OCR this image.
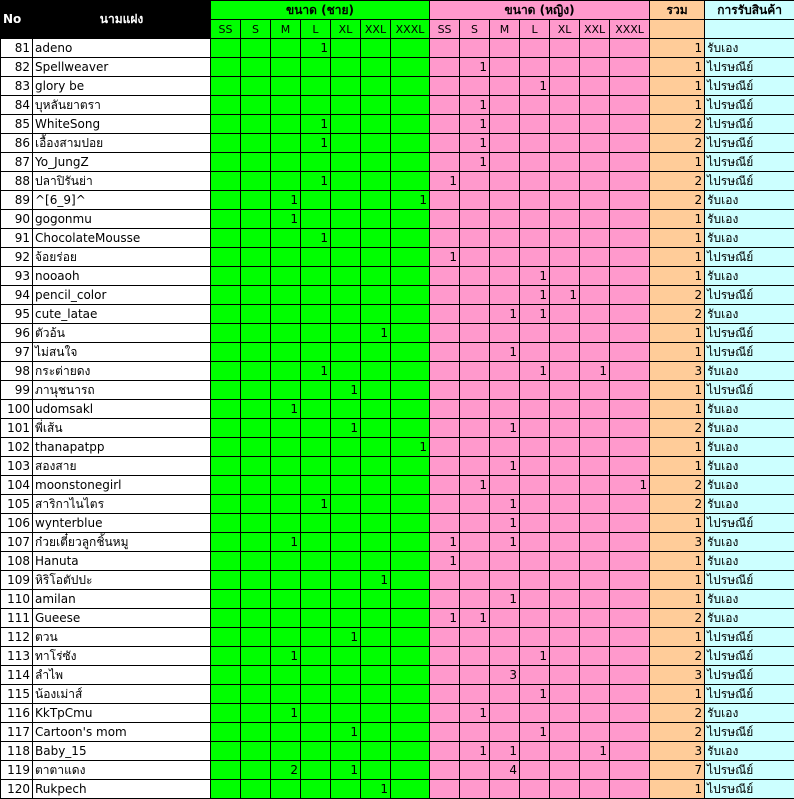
No	นามแฝง	ขนาด (ชาย)							ขนาด (หญิง)							รวม	การรับสินค้า
		SS	S	M	L	XL	XXL	XXXL	SS	S	M	L	XL	XXL	XXXL		
81	adeno				1											1	รับเอง
82	Spellweaver									1						1	ไปรษณีย์
83	glory be											1				1	ไปรษณีย์
84	บุหลันยาตรา									1						1	ไปรษณีย์
85	WhiteSong				1					1						2	ไปรษณีย์
86	เอื้องสามปอย				1					1						2	ไปรษณีย์
87	Yo_JungZ									1						1	ไปรษณีย์
88	ปลาปิรันย่า				1				1							2	ไปรษณีย์
89	^[6_9]^			1				1								2	รับเอง
90	gogonmu			1												1	รับเอง
91	ChocolateMousse				1											1	รับเอง
92	จ้อยร่อย								1							1	ไปรษณีย์
93	nooaoh											1				1	รับเอง
94	pencil_color											1	1			2	ไปรษณีย์
95	cute_latae										1	1				2	รับเอง
96	ตัวอ้น						1									1	ไปรษณีย์
97	ไม่สนใจ										1					1	ไปรษณีย์
98	กระต่ายดง				1							1		1		3	รับเอง
99	ภานุชนารถ					1										1	ไปรษณีย์
100	udomsakl			1												1	รับเอง
101	พี่เส้น					1					1					2	รับเอง
102	thanapatpp							1								1	รับเอง
103	สองสาย										1					1	รับเอง
104	moonstonegirl									1					1	2	รับเอง
105	สาริกาไนไตร				1						1					2	รับเอง
106	wynterblue										1					1	ไปรษณีย์
107	ก๋วยเตี๋ยวลูกชิ้นหมู			1					1		1					3	รับเอง
108	Hanuta								1							1	รับเอง
109	หิริโอตัปปะ						1									1	ไปรษณีย์
110	amilan										1					1	รับเอง
111	Gueese								1	1						2	รับเอง
112	ตวน					1										1	ไปรษณีย์
113	ทาโร่ซัง			1								1				2	ไปรษณีย์
114	ลำไพ										3					3	ไปรษณีย์
115	น้องเม่าส์											1				1	ไปรษณีย์
116	KkTpCmu			1						1						2	รับเอง
117	Cartoon's mom					1						1				2	ไปรษณีย์
118	Baby_15									1	1			1		3	รับเอง
119	ตาตาแดง			2		1					4					7	ไปรษณีย์
120	Rukpech						1									1	ไปรษณีย์
